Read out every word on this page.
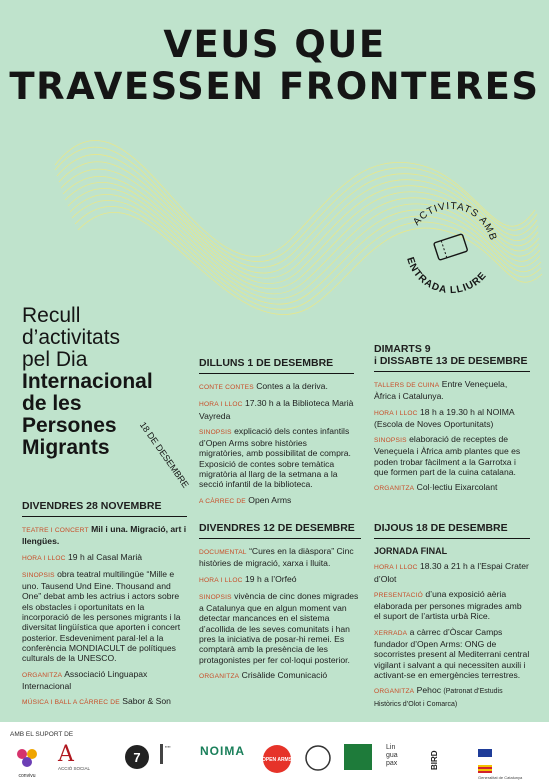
VEUS QUE
TRAVESSEN FRONTERES
ACTIVITATS AMB
ENTRADA LLIURE
Recull
d’activitats
pel Dia
Internacional
de les
Persones
Migrants	18 DE DESEMBRE
DIVENDRES 28 NOVEMBRE

TEATRE I CONCERT Mil i una. Migració, art i llengües.

HORA I LLOC 19 h al Casal Marià

SINOPSIS obra teatral multilingüe “Mille e uno. Tausend Und Eine. Thousand and One” debat amb les actrius i actors sobre els obstacles i oportunitats en la incorporació de les persones migrants i la diversitat lingüística que aporten i concert posterior. Esdeveniment paral·lel a la conferència MONDIACULT de polítiques culturals de la UNESCO.

ORGANITZA Associació Linguapax Internacional

MÚSICA I BALL A CÀRREC DE Sabor & Son

DILLUNS 1 DE DESEMBRE

CONTE CONTES Contes a la deriva.

HORA I LLOC 17.30 h a la Biblioteca Marià Vayreda

SINOPSIS explicació dels contes infantils d’Open Arms sobre històries migratòries, amb possibilitat de compra. Exposició de contes sobre temàtica migratòria al llarg de la setmana a la secció infantil de la biblioteca.

A CÀRREC DE Open Arms

DIMARTS 9
i DISSABTE 13 DE DESEMBRE

TALLERS DE CUINA Entre Veneçuela, Àfrica i Catalunya.

HORA I LLOC 18 h a 19.30 h al NOIMA (Escola de Noves Oportunitats)

SINOPSIS elaboració de receptes de Veneçuela i Àfrica amb plantes que es poden trobar fàcilment a la Garrotxa i que formen part de la cuina catalana.

ORGANITZA Col·lectiu Eixarcolant

DIVENDRES 12 DE DESEMBRE

DOCUMENTAL “Cures en la diàspora” Cinc històries de migració, xarxa i lluita.

HORA I LLOC 19 h a l’Orfeó

SINOPSIS vivència de cinc dones migrades a Catalunya que en algun moment van detectar mancances en el sistema d’acollida de les seves comunitats i han pres la iniciativa de posar-hi remei. Es comptarà amb la presència de les protagonistes per fer col·loqui posterior.

ORGANITZA Crisàlide Comunicació

DIJOUS 18 DE DESEMBRE

JORNADA FINAL

HORA I LLOC 18.30 a 21 h a l’Espai Crater d’Olot

PRESENTACIÓ d’una exposició aèria elaborada per persones migrades amb el suport de l’artista urbà Rice.

XERRADA a càrrec d’Òscar Camps fundador d’Open Arms: ONG de socorristes present al Mediterrani central vigilant i salvant a qui necessiten auxili i activant-se en emergències terrestres.

ORGANITZA Pehoc (Patronat d’Estudis Històrics d’Olot i Comarca)

AMB EL SUPORT DE
convivu
A
ACCIÓ SOCIAL
7
▪▪▪▪	NOIMA
OPEN ARMS
Lin gua pax	BIRD
Generalitat de Catalunya
